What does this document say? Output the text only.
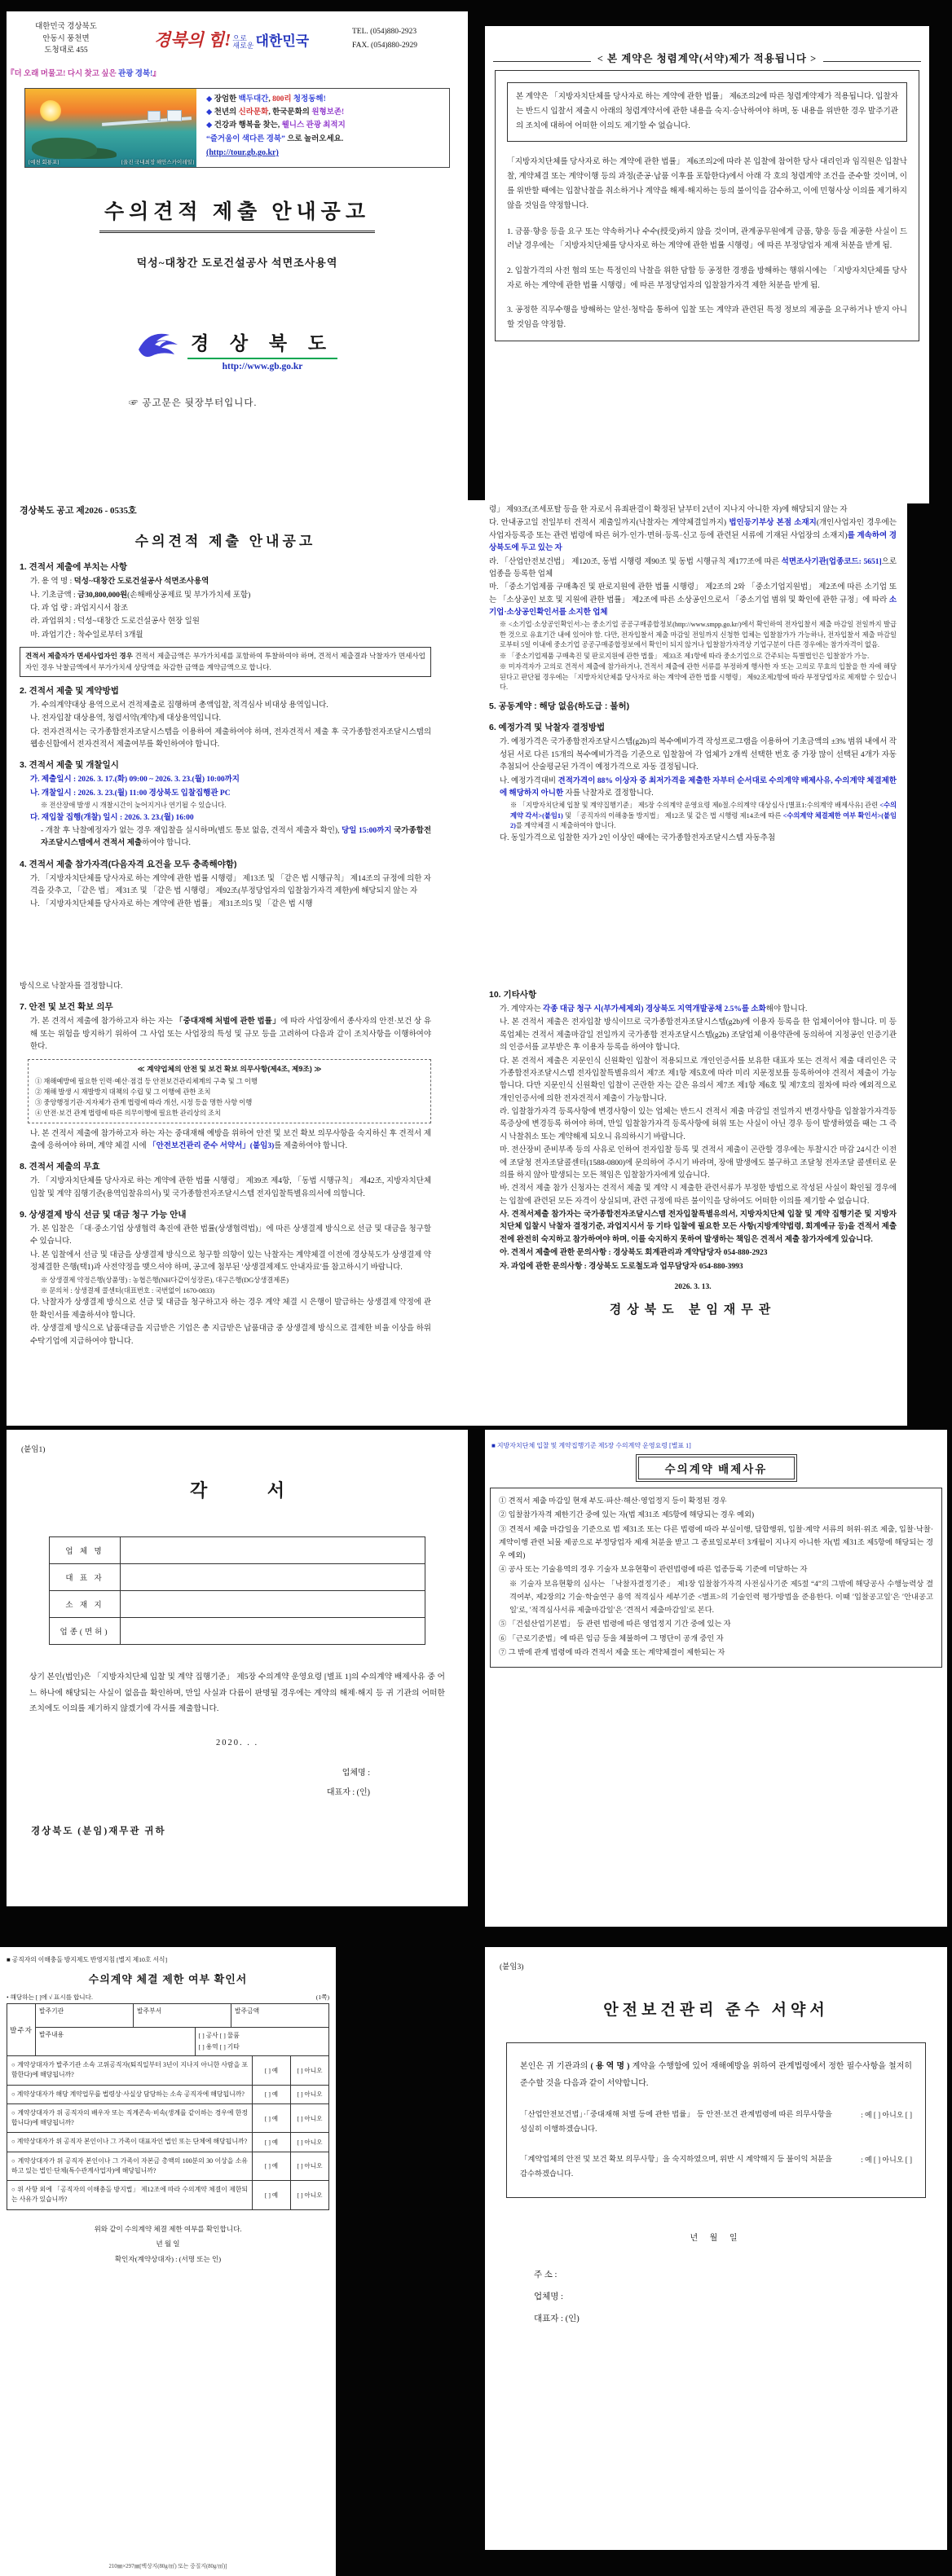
대한민국 경상북도
안동시 풍천면
도청대로 455
경북의 힘! 으로
새로운 대한민국
TEL. (054)880-2923
FAX. (054)880-2929
『더 오래 머물고! 다시 찾고 싶은 관광 경북!』
[예천 회룡포]	[울진 국내최장 해안스카이레일]
◆ 장엄한 백두대간, 800리 청정동해!
◆ 천년의 신라문화, 한국문화의 원형보존!
◆ 건강과 행복을 찾는, 웰니스 관광 최적지
“즐거움이 색다른 경북” 으로 놀러오세요.
(http://tour.gb.go.kr)
수의견적 제출 안내공고
덕성~대창간 도로건설공사 석면조사용역
경 상 북 도
http://www.gb.go.kr
☞ 공고문은 뒷장부터입니다.
< 본 계약은 청렴계약(서약)제가 적용됩니다 >
본 계약은 「지방자치단체를 당사자로 하는 계약에 관한 법률」 제6조의2에 따른 청렴계약제가 적용됩니다. 입찰자는 반드시 입찰서 제출시 아래의 청렴계약서에 관한 내용을 숙지·승낙하여야 하며, 동 내용을 위반한 경우 발주기관의 조치에 대하여 어떠한 이의도 제기할 수 없습니다.
「지방자치단체를 당사자로 하는 계약에 관한 법률」 제6조의2에 따라 본 입찰에 참여한 당사 대리인과 임직원은 입찰낙찰, 계약체결 또는 계약이행 등의 과정(준공·납품 이후를 포함한다)에서 아래 각 호의 청렴계약 조건을 준수할 것이며, 이를 위반할 때에는 입찰낙찰을 취소하거나 계약을 해제·해지하는 등의 불이익을 감수하고, 이에 민형사상 이의를 제기하지 않을 것임을 약정합니다.
1. 금품·향응 등을 요구 또는 약속하거나 수수(授受)하지 않을 것이며, 관계공무원에게 금품, 향응 등을 제공한 사실이 드러날 경우에는 「지방자치단체를 당사자로 하는 계약에 관한 법률 시행령」에 따른 부정당업자 제재 처분을 받게 됨.
2. 입찰가격의 사전 협의 또는 특정인의 낙찰을 위한 담합 등 공정한 경쟁을 방해하는 행위시에는 「지방자치단체를 당사자로 하는 계약에 관한 법률 시행령」에 따른 부정당업자의 입찰참가자격 제한 처분을 받게 됨.
3. 공정한 직무수행을 방해하는 알선·청탁을 통하여 입찰 또는 계약과 관련된 특정 정보의 제공을 요구하거나 받지 아니할 것임을 약정함.
경상북도 공고 제2026 - 0535호
수의견적 제출 안내공고
1. 견적서 제출에 부치는 사항
가. 용 역 명 : 덕성~대창간 도로건설공사 석면조사용역
나. 기초금액 : 금30,800,000원(손해배상공제료 및 부가가치세 포함)
다. 과 업 량 : 과업지시서 참조
라. 과업위치 : 덕성~대창간 도로건설공사 현장 일원
마. 과업기간 : 착수일로부터 3개월
견적서 제출자가 면세사업자인 경우 견적서 제출금액은 부가가치세를 포함하여 투찰하여야 하며, 견적서 제출결과 낙찰자가 면세사업자인 경우 낙찰금액에서 부가가치세 상당액을 차감한 금액을 계약금액으로 합니다.
2. 견적서 제출 및 계약방법
가. 수의계약대상 용역으로서 견적제출로 집행하며 총액입찰, 적격심사 비대상 용역입니다.
나. 전자입찰 대상용역, 청렴서약(계약)제 대상용역입니다.
다. 전자견적서는 국가종합전자조달시스템을 이용하여 제출하여야 하며, 전자견적서 제출 후 국가종합전자조달시스템의 웹송신함에서 전자견적서 제출여부를 확인하여야 합니다.
3. 견적서 제출 및 개찰일시
가. 제출일시 : 2026. 3. 17.(화) 09:00 ~ 2026. 3. 23.(월) 10:00까지
나. 개찰일시 : 2026. 3. 23.(월) 11:00 경상북도 입찰집행관 PC
※ 전산장애 발생 시 개찰시간이 늦어지거나 연기될 수 있습니다.
다. 재입찰 집행(개찰) 일시 : 2026. 3. 23.(월) 16:00
- 개찰 후 낙찰예정자가 없는 경우 재입찰을 실시하며(별도 통보 없음, 견적서 제출자 확인), 당일 15:00까지 국가종합전자조달시스템에서 견적서 제출하여야 합니다.
4. 견적서 제출 참가자격(다음자격 요건을 모두 충족해야함)
가. 「지방자치단체를 당사자로 하는 계약에 관한 법률 시행령」 제13조 및 「같은 법 시행규칙」 제14조의 규정에 의한 자격을 갖추고, 「같은 법」 제31조 및 「같은 법 시행령」 제92조(부정당업자의 입찰참가자격 제한)에 해당되지 않는 자
나. 「지방자치단체를 당사자로 하는 계약에 관한 법률」 제31조의5 및 「같은 법 시행
령」 제93조(조세포탈 등을 한 자로서 유죄판결이 확정된 날부터 2년이 지나지 아니한 자)에 해당되지 않는 자
다. 안내공고일 전일부터 견적서 제출일까지(낙찰자는 계약체결일까지) 법인등기부상 본점 소재지(개인사업자인 경우에는 사업자등록증 또는 관련 법령에 따른 허가·인가·면허·등록·신고 등에 관련된 서류에 기재된 사업장의 소재지)를 계속하여 경상북도에 두고 있는 자
라. 「산업안전보건법」 제120조, 동법 시행령 제90조 및 동법 시행규칙 제177조에 따른 석면조사기관[업종코드: 5651]으로 업종을 등록한 업체
마. 「중소기업제품 구매촉진 및 판로지원에 관한 법률 시행령」 제2조의 2와 「중소기업지원법」 제2조에 따른 소기업 또는 「소상공인 보호 및 지원에 관한 법률」 제2조에 따른 소상공인으로서 「중소기업 범위 및 확인에 관한 규정」에 따라 소기업·소상공인확인서를 소지한 업체
※ <소기업·소상공인확인서>는 중소기업 공공구매종합정보(http://www.smpp.go.kr/)에서 확인하여 전자입찰서 제출 마감일 전일까지 발급한 것으로 유효기간 내에 있어야 함. 다만, 전자입찰서 제출 마감일 전일까지 신청한 업체는 입찰참가가 가능하나, 전자입찰서 제출 마감일로부터 5일 이내에 중소기업 공공구매종합정보에서 확인이 되지 않거나 입찰참가자격상 기업구분이 다른 경우에는 참가자격이 없음.
※ 「중소기업제품 구매촉진 및 판로지원에 관한 법률」 제33조 제1항에 따라 중소기업으로 간주되는 특별법인은 입찰참가 가능.
※ 미자격자가 고의로 견적서 제출에 참가하거나, 견적서 제출에 관한 서류를 부정하게 행사한 자 또는 고의로 무효의 입찰을 한 자에 해당된다고 판단될 경우에는 「지방자치단체를 당사자로 하는 계약에 관한 법률 시행령」 제92조제2항에 따라 부정당업자로 제재할 수 있습니다.
5. 공동계약 : 해당 없음(하도급 : 불허)
6. 예정가격 및 낙찰자 결정방법
가. 예정가격은 국가종합전자조달시스템(g2b)의 복수예비가격 작성프로그램을 이용하여 기초금액의 ±3% 범위 내에서 작성된 서로 다른 15개의 복수예비가격을 기준으로 입찰참여 각 업체가 2개씩 선택한 번호 중 가장 많이 선택된 4개가 자동 추첨되어 산술평균된 가격이 예정가격으로 자동 결정됩니다.
나. 예정가격대비 견적가격이 88% 이상자 중 최저가격을 제출한 자부터 순서대로 수의계약 배제사유, 수의계약 체결제한에 해당하지 아니한 자를 낙찰자로 결정합니다.
※ 「지방자치단체 입찰 및 계약집행기준」 제5장 수의계약 운영요령 제0절.수의계약 대상심사 [별표1:수의계약 배제사유] 관련 <수의계약 각서>(붙임1) 및 「공직자의 이해충돌 방지법」 제12조 및 같은 법 시행령 제14조에 따른 <수의계약 체결제한 여부 확인서>(붙임2)를 계약체결 시 제출하여야 합니다.
다. 동일가격으로 입찰한 자가 2인 이상인 때에는 국가종합전자조달시스템 자동추첨
방식으로 낙찰자를 결정합니다.
7. 안전 및 보건 확보 의무
가. 본 견적서 제출에 참가하고자 하는 자는 「중대재해 처벌에 관한 법률」에 따라 사업장에서 종사자의 안전·보건 상 유해 또는 위험을 방지하기 위하여 그 사업 또는 사업장의 특성 및 규모 등을 고려하여 다음과 같이 조치사항을 이행하여야 한다.
≪ 계약업체의 안전 및 보건 확보 의무사항(제4조, 제9조) ≫
① 재해예방에 필요한 인력·예산·점검 등 안전보건관리체계의 구축 및 그 이행
② 재해 발생 시 재발방지 대책의 수립 및 그 이행에 관한 조치
③ 중앙행정기관·지자체가 관계 법령에 따라 개선, 시정 등을 명한 사항 이행
④ 안전·보건 관계 법령에 따른 의무이행에 필요한 관리상의 조치
나. 본 견적서 제출에 참가하고자 하는 자는 중대재해 예방을 위하여 안전 및 보건 확보 의무사항을 숙지하신 후 견적서 제출에 응하여야 하며, 계약 체결 시에 「안전보건관리 준수 서약서」(붙임3)를 제출하여야 합니다.
8. 견적서 제출의 무효
가. 「지방자치단체를 당사자로 하는 계약에 관한 법률 시행령」 제39조 제4항, 「동법 시행규칙」 제42조, 지방자치단체 입찰 및 계약 집행기준(용역입찰유의서) 및 국가종합전자조달시스템 전자입찰특별유의서에 의합니다.
9. 상생결제 방식 선금 및 대금 청구 가능 안내
가. 본 입찰은 「대·중소기업 상생협력 촉진에 관한 법률(상생협력법)」에 따른 상생결제 방식으로 선금 및 대금을 청구할 수 있습니다.
나. 본 입찰에서 선금 및 대금을 상생결제 방식으로 청구할 의향이 있는 낙찰자는 계약체결 이전에 경상북도가 상생결제 약정체결한 은행(택1)과 사전약정을 맺으셔야 하며, 공고에 첨부된 ′상생결제제도 안내자료′를 참고하시기 바랍니다.
※ 상생결제 약정은행(상품명) : 농협은행(NH다같이성장론), 대구은행(DG상생결제론)
※ 문의처 : 상생결제 콜센터(대표번호 : 국번없이 1670-0833)
다. 낙찰자가 상생결제 방식으로 선금 및 대금을 청구하고자 하는 경우 계약 체결 시 은행이 발급하는 상생결제 약정에 관한 확인서를 제출하셔야 합니다.
라. 상생결제 방식으로 납품대금을 지급받은 기업은 총 지급받은 납품대금 중 상생결제 방식으로 결제한 비율 이상을 하위 수탁기업에 지급하여야 합니다.
10. 기타사항
가. 계약자는 각종 대금 청구 시(부가세제외) 경상북도 지역개발공채 2.5%를 소화해야 합니다.
나. 본 견적서 제출은 전자입찰 방식이므로 국가종합전자조달시스템(g2b)에 이용자 등록을 한 업체이어야 합니다. 미 등록업체는 견적서 제출마감일 전일까지 국가종합 전자조달시스템(g2b) 조달업체 이용약관에 동의하여 지정공인 인증기관의 인증서를 교부받은 후 이용자 등록을 하여야 합니다.
다. 본 견적서 제출은 지문인식 신원확인 입찰이 적용되므로 개인인증서를 보유한 대표자 또는 견적서 제출 대리인은 국가종합전자조달시스템 전자입찰특별유의서 제7조 제1항 제5호에 따라 미리 지문정보를 등록하여야 견적서 제출이 가능합니다. 다만 지문인식 신원확인 입찰이 곤란한 자는 같은 유의서 제7조 제1항 제6호 및 제7호의 절차에 따라 예외적으로 개인인증서에 의한 전자견적서 제출이 가능합니다.
라. 입찰참가자격 등록사항에 변경사항이 있는 업체는 반드시 견적서 제출 마감일 전일까지 변경사항을 입찰참가자격등록증상에 변경등록 하여야 하며, 만일 입찰참가자격 등록사항에 허위 또는 사실이 아닌 경우 등이 발생하였을 때는 그 즉시 낙찰취소 또는 계약해제 되오니 유의하시기 바랍니다.
마. 전산장비 준비부족 등의 사유로 인하여 전자입찰 등록 및 견적서 제출이 곤란할 경우에는 투찰시간 마감 24시간 이전에 조달청 전자조달콜센터(1588-0800)에 문의하여 주시기 바라며, 장애 발생에도 불구하고 조달청 전자조달 콜센터로 문의를 하지 않아 발생되는 모든 책임은 입찰참가자에게 있습니다.
바. 견적서 제출 참가 신청자는 견적서 제출 및 계약 시 제출한 관련서류가 부정한 방법으로 작성된 사실이 확인될 경우에는 입찰에 관련된 모든 자격이 상실되며, 관련 규정에 따른 불이익을 당하여도 어떠한 이의를 제기할 수 없습니다.
사. 견적서제출 참가자는 국가종합전자조달시스템 전자입찰특별유의서, 지방자치단체 입찰 및 계약 집행기준 및 지방자치단체 입찰시 낙찰자 결정기준, 과업지시서 등 기타 입찰에 필요한 모든 사항(지방계약법령, 회계예규 등)을 견적서 제출 전에 완전히 숙지하고 참가하여야 하며, 이를 숙지하지 못하여 발생하는 책임은 견적서 제출 참가자에게 있습니다.
아. 견적서 제출에 관한 문의사항 : 경상북도 회계관리과 계약담당자 054-880-2923
자. 과업에 관한 문의사항 : 경상북도 도로철도과 업무담당자 054-880-3993
2026. 3. 13.
경상북도 분임재무관
(붙임1)
각 서
업 체 명
대 표 자
소 재 지
업종(면허)
상기 본인(법인)은 「지방자치단체 입찰 및 계약 집행기준」 제5장 수의계약 운영요령 [별표 1]의 수의계약 배제사유 중 어느 하나에 해당되는 사실이 없음을 확인하며, 만일 사실과 다름이 판명될 경우에는 계약의 해제·해지 등 귀 기관의 어떠한 조치에도 이의를 제기하지 않겠기에 각서를 제출합니다.
2020. . .
업체명 :
대표자 : (인)
경상북도 (분임)재무관 귀하
■ 지방자치단체 입찰 및 계약집행기준 제5장 수의계약 운영요령 [별표 1]
수의계약 배제사유
① 견적서 제출 마감일 현재 부도·파산·해산·영업정지 등이 확정된 경우
② 입찰참가자격 제한기간 중에 있는 자(법 제31조 제5항에 해당되는 경우 예외)
③ 견적서 제출 마감일을 기준으로 법 제31조 또는 다른 법령에 따라 부실이행, 담합행위, 입찰·계약 서류의 허위·위조 제출, 입찰·낙찰·계약이행 관련 뇌물 제공으로 부정당업자 제재 처분을 받고 그 종료일로부터 3개월이 지나지 아니한 자(법 제31조 제5항에 해당되는 경우 예외)
④ 공사 또는 기술용역의 경우 기술자 보유현황이 관련법령에 따른 업종등록 기준에 미달하는 자
※ 기술자 보유현황의 심사는 「낙찰자결정기준」 제1장 입찰참가자격 사전심사기준 제5절 “4”의 그밖에 해당공사 수행능력상 결격여부, 제2장의2 기술·학술연구 용역 적격심사 세부기준 <별표>의 기술인력 평가방법을 준용한다. 이때 ′입찰공고일′은 ′안내공고일′로, ′적격심사서류 제출마감일′은 ′견적서 제출마감일′로 본다.
⑤ 「건설산업기본법」 등 관련 법령에 따른 영업정지 기간 중에 있는 자
⑥ 「근로기준법」에 따른 임금 등을 체불하여 그 명단이 공개 중인 자
⑦ 그 밖에 관계 법령에 따라 견적서 제출 또는 계약체결이 제한되는 자
■ 공직자의 이해충돌 방지제도 반영지침 [별지 제10호 서식]
수의계약 체결 제한 여부 확인서
• 해당하는 [ ]에 √ 표시를 합니다.	(1쪽)
발주자
발주기관	발주부서	발주금액
발주내용	[ ] 공사 [ ] 물품
[ ] 용역 [ ] 기타
○ 계약상대자가 발주기관 소속 고위공직자(퇴직일부터 3년이 지나지 아니한 사람을 포함한다)에 해당됩니까?
[ ] 예	[ ] 아니오
○ 계약상대자가 해당 계약업무를 법령상·사실상 담당하는 소속 공직자에 해당됩니까?	[ ] 예	[ ] 아니오
○ 계약상대자가 위 공직자의 배우자 또는 직계존속·비속(생계를 같이하는 경우에 한정합니다)에 해당됩니까?
[ ] 예	[ ] 아니오
○ 계약상대자가 위 공직자 본인이나 그 가족이 대표자인 법인 또는 단체에 해당됩니까?	[ ] 예	[ ] 아니오
○ 계약상대자가 위 공직자 본인이나 그 가족이 자본금 총액의 100분의 30 이상을 소유하고 있는 법인·단체(특수관계사업자)에 해당됩니까?
[ ] 예	[ ] 아니오
○ 위 사항 외에 「공직자의 이해충돌 방지법」 제12조에 따라 수의계약 체결이 제한되는 사유가 있습니까?
[ ] 예	[ ] 아니오
위와 같이 수의계약 체결 제한 여부를 확인합니다.
년 월 일
확인자(계약상대자) : (서명 또는 인)
210㎜×297㎜[백상지(80g/㎡) 또는 중질지(80g/㎡)]
(붙임3)
안전보건관리 준수 서약서
본인은 귀 기관과의 ( 용 역 명 ) 계약을 수행함에 있어 재해예방을 위하여 관계법령에서 정한 필수사항을 철저히 준수할 것을 다음과 같이 서약합니다.
「산업안전보건법」·「중대재해 처벌 등에 관한 법률」 등 안전·보건 관계법령에 따른 의무사항을 성실히 이행하겠습니다.
: 예 [ ] 아니오 [ ]
「계약업체의 안전 및 보건 확보 의무사항」을 숙지하였으며, 위반 시 계약해지 등 불이익 처분을 감수하겠습니다.
: 예 [ ] 아니오 [ ]
년 월 일
주 소 :
업체명 :
대표자 : (인)
